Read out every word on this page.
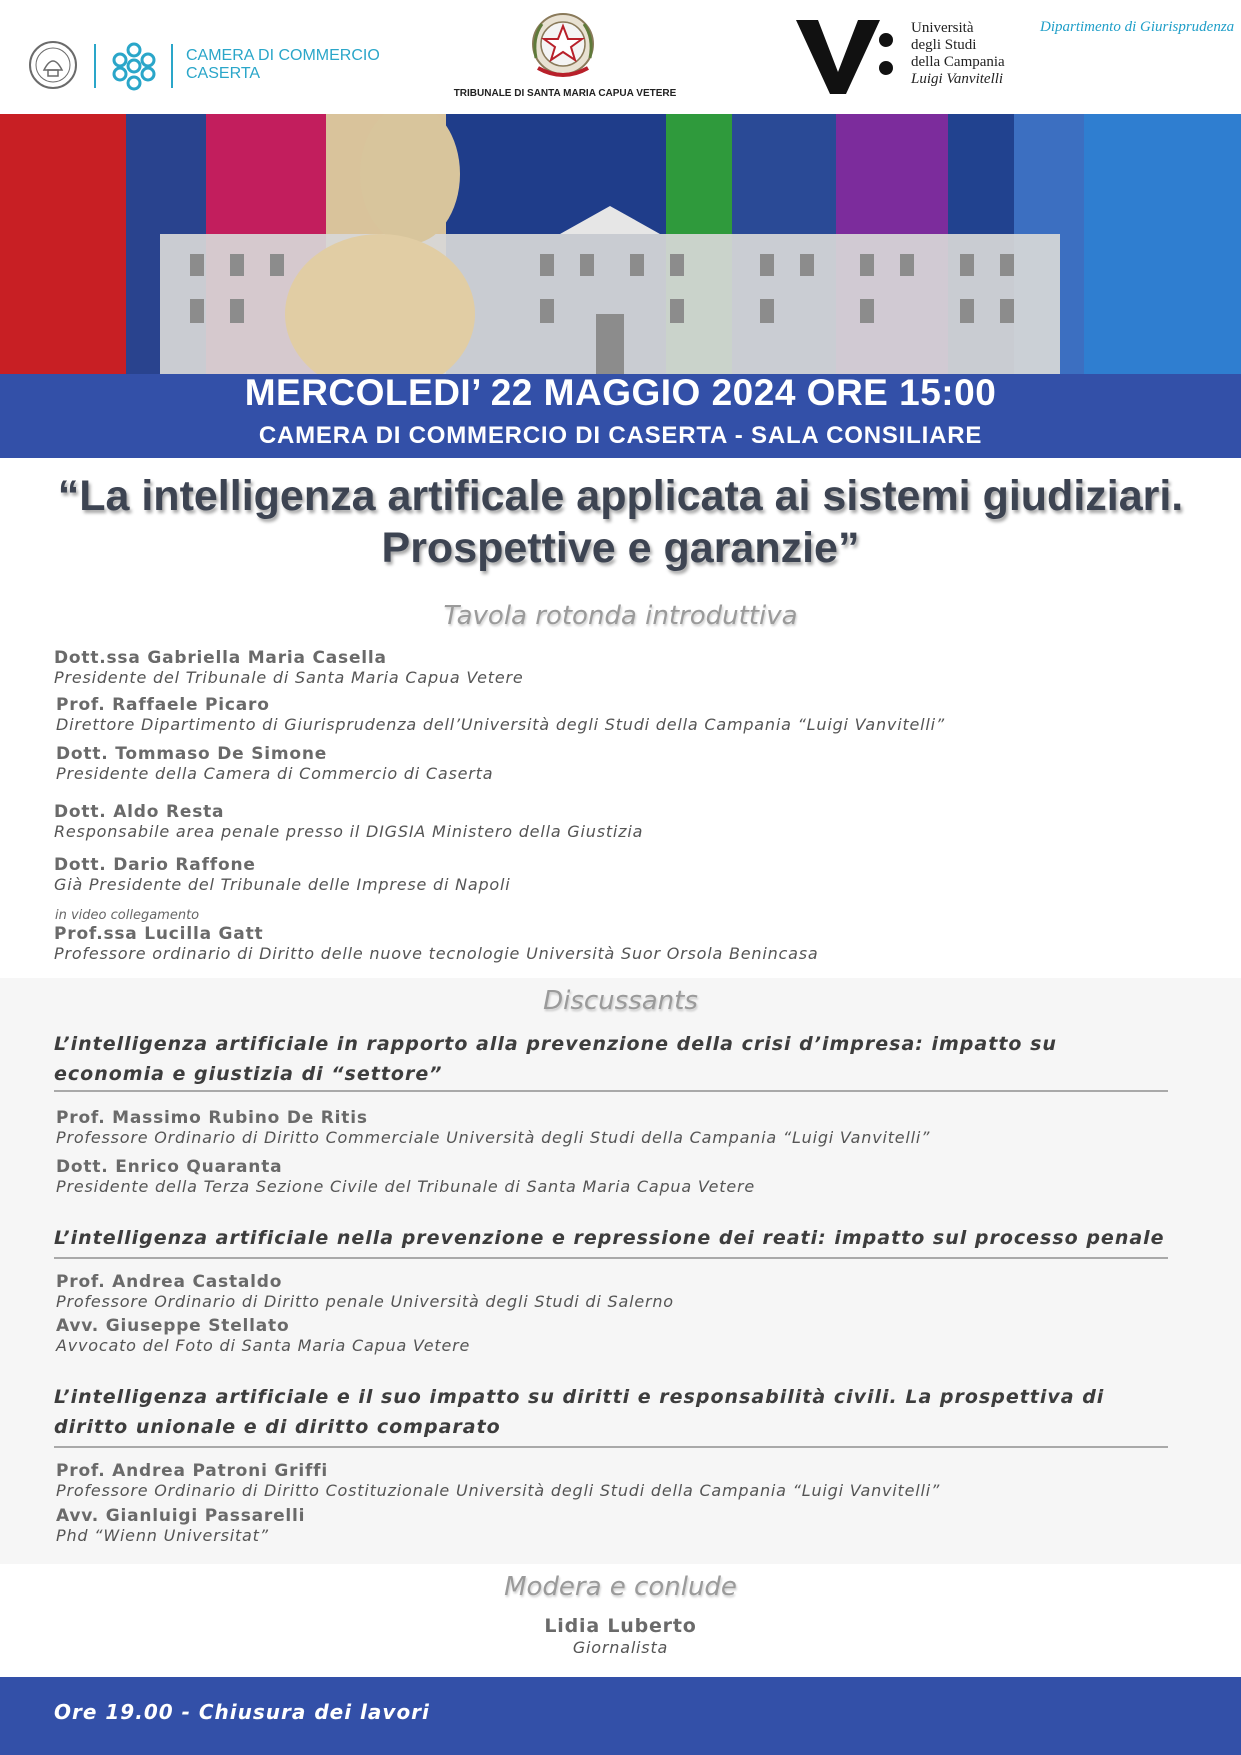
CAMERA DI COMMERCIO
CASERTA
TRIBUNALE DI SANTA MARIA CAPUA VETERE
Università
degli Studi
della Campania
Luigi Vanvitelli
Dipartimento di Giurisprudenza
MERCOLEDI’ 22 MAGGIO 2024 ORE 15:00
CAMERA DI COMMERCIO DI CASERTA - SALA CONSILIARE
“La intelligenza artificale applicata ai sistemi giudiziari.
Prospettive e garanzie”
Tavola rotonda introduttiva
Dott.ssa Gabriella Maria Casella
Presidente del Tribunale di Santa Maria Capua Vetere
Prof. Raffaele Picaro
Direttore Dipartimento di Giurisprudenza dell’Università degli Studi della Campania “Luigi Vanvitelli”
Dott. Tommaso De Simone
Presidente della Camera di Commercio di Caserta
Dott. Aldo Resta
Responsabile area penale presso il DIGSIA Ministero della Giustizia
Dott. Dario Raffone
Già Presidente del Tribunale delle Imprese di Napoli
in video collegamento
Prof.ssa Lucilla Gatt
Professore ordinario di Diritto delle nuove tecnologie Università Suor Orsola Benincasa
Discussants
L’intelligenza artificiale in rapporto alla prevenzione della crisi d’impresa: impatto su economia e giustizia di “settore”
Prof. Massimo Rubino De Ritis
Professore Ordinario di Diritto Commerciale Università degli Studi della Campania “Luigi Vanvitelli”
Dott. Enrico Quaranta
Presidente della Terza Sezione Civile del Tribunale di Santa Maria Capua Vetere
L’intelligenza artificiale nella prevenzione e repressione dei reati: impatto sul processo penale
Prof. Andrea Castaldo
Professore Ordinario di Diritto penale Università degli Studi di Salerno
Avv. Giuseppe Stellato
Avvocato del Foto di Santa Maria Capua Vetere
L’intelligenza artificiale e il suo impatto su diritti e responsabilità civili. La prospettiva di diritto unionale e di diritto comparato
Prof. Andrea Patroni Griffi
Professore Ordinario di Diritto Costituzionale Università degli Studi della Campania “Luigi Vanvitelli”
Avv. Gianluigi Passarelli
Phd “Wienn Universitat”
Modera e conlude
Lidia Luberto
Giornalista
Ore 19.00 - Chiusura dei lavori
